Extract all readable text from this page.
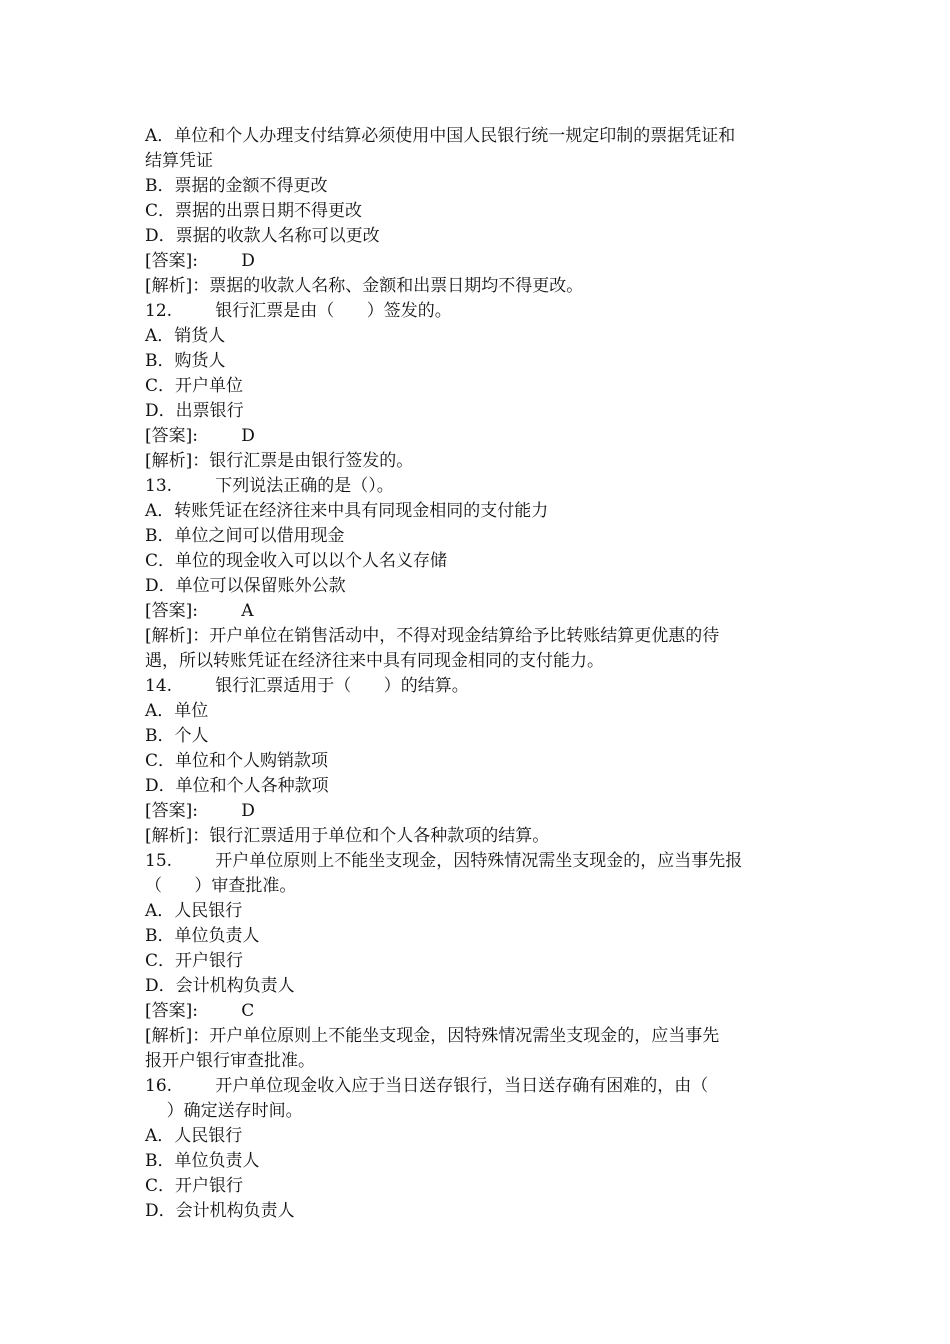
A．单位和个人办理支付结算必须使用中国人民银行统一规定印制的票据凭证和

结算凭证

B．票据的金额不得更改

C．票据的出票日期不得更改

D．票据的收款人名称可以更改

[答案]:        D

[解析]：票据的收款人名称、金额和出票日期均不得更改。

12.        银行汇票是由（      ）签发的。

A．销货人

B．购货人

C．开户单位

D．出票银行

[答案]:        D

[解析]：银行汇票是由银行签发的。

13.        下列说法正确的是（）。

A．转账凭证在经济往来中具有同现金相同的支付能力

B．单位之间可以借用现金

C．单位的现金收入可以以个人名义存储

D．单位可以保留账外公款

[答案]:        A

[解析]：开户单位在销售活动中，不得对现金结算给予比转账结算更优惠的待

遇，所以转账凭证在经济往来中具有同现金相同的支付能力。

14.        银行汇票适用于（      ）的结算。

A．单位

B．个人

C．单位和个人购销款项

D．单位和个人各种款项

[答案]:        D

[解析]：银行汇票适用于单位和个人各种款项的结算。

15.        开户单位原则上不能坐支现金，因特殊情况需坐支现金的，应当事先报

（      ）审查批准。

A．人民银行

B．单位负责人

C．开户银行

D．会计机构负责人

[答案]:        C

[解析]：开户单位原则上不能坐支现金，因特殊情况需坐支现金的，应当事先

报开户银行审查批准。

16.        开户单位现金收入应于当日送存银行，当日送存确有困难的，由（

）确定送存时间。

A．人民银行

B．单位负责人

C．开户银行

D．会计机构负责人
